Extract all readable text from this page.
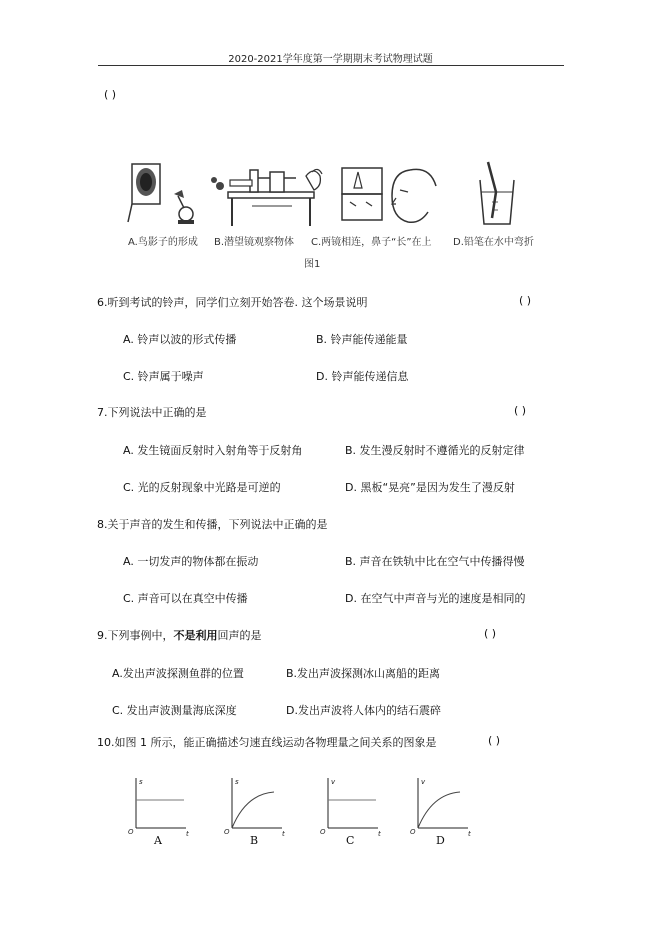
2020-2021学年度第一学期期末考试物理试题
( )
A.鸟影子的形成 B.潜望镜观察物体 C.两镜相连，鼻子“长”在上 D.铅笔在水中弯折
图1
6.听到考试的铃声，同学们立刻开始答卷. 这个场景说明	( )
A. 铃声以波的形式传播	B. 铃声能传递能量
C. 铃声属于噪声	D. 铃声能传递信息
7.下列说法中正确的是	( )
A. 发生镜面反射时入射角等于反射角	B. 发生漫反射时不遵循光的反射定律
C. 光的反射现象中光路是可逆的	D. 黑板“晃亮”是因为发生了漫反射
8.关于声音的发生和传播，下列说法中正确的是
A. 一切发声的物体都在振动	B. 声音在铁轨中比在空气中传播得慢
C. 声音可以在真空中传播	D. 在空气中声音与光的速度是相同的
9.下列事例中，不是利用回声的是	( )
A.发出声波探测鱼群的位置	B.发出声波探测冰山离船的距离
C. 发出声波测量海底深度	D.发出声波将人体内的结石震碎
10.如图 1 所示，能正确描述匀速直线运动各物理量之间关系的图象是	( )
s
t
O
A
s
t
O
B
v
t
O
C
v
t
O
D
